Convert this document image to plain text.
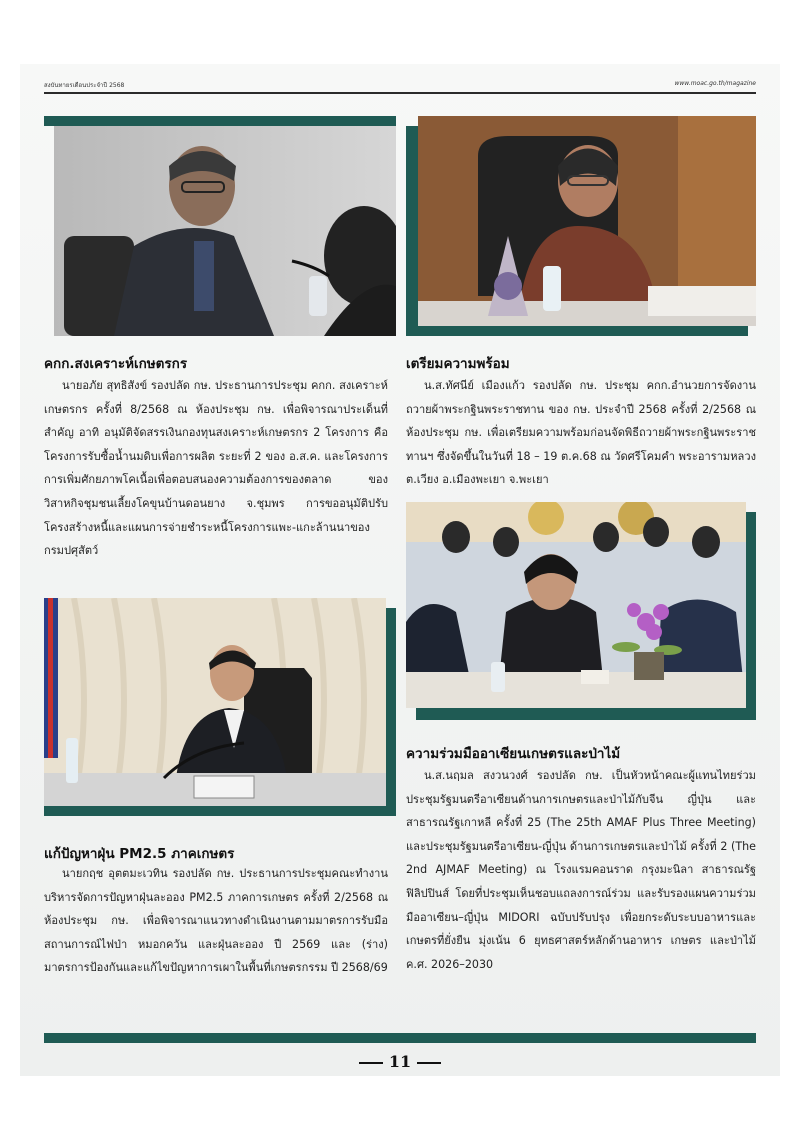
สงบันทายรเดือนประจำปี 2568	www.moac.go.th/magazine
คกก.สงเคราะห์เกษตรกร

นายอภัย สุทธิสังข์ รองปลัด กษ. ประธานการประชุม คกก. สงเคราะห์เกษตรกร ครั้งที่ 8/2568 ณ ห้องประชุม กษ. เพื่อพิจารณาประเด็นที่สำคัญ อาทิ อนุมัติจัดสรรเงินกองทุนสงเคราะห์เกษตรกร 2 โครงการ คือ โครงการรับซื้อน้ำนมดิบเพื่อการผลิต ระยะที่ 2 ของ อ.ส.ค. และโครงการการเพิ่มศักยภาพโคเนื้อเพื่อตอบสนองความต้องการของตลาด ของวิสาหกิจชุมชนเลี้ยงโคขุนบ้านดอนยาง จ.ชุมพร การขออนุมัติปรับโครงสร้างหนี้และแผนการจ่ายชำระหนี้โครงการแพะ-แกะล้านนาของกรมปศุสัตว์

เตรียมความพร้อม

น.ส.ทัศนีย์ เมืองแก้ว รองปลัด กษ. ประชุม คกก.อำนวยการจัดงานถวายผ้าพระกฐินพระราชทาน ของ กษ. ประจำปี 2568 ครั้งที่ 2/2568 ณ ห้องประชุม กษ. เพื่อเตรียมความพร้อมก่อนจัดพิธีถวายผ้าพระกฐินพระราชทานฯ ซึ่งจัดขึ้นในวันที่ 18 – 19 ต.ค.68 ณ วัดศรีโคมคำ พระอารามหลวง ต.เวียง อ.เมืองพะเยา จ.พะเยา

แก้ปัญหาฝุ่น PM2.5 ภาคเกษตร

นายกฤช อุตตมะเวทิน รองปลัด กษ. ประธานการประชุมคณะทำงานบริหารจัดการปัญหาฝุ่นละออง PM2.5 ภาคการเกษตร ครั้งที่ 2/2568 ณ ห้องประชุม กษ. เพื่อพิจารณาแนวทางดำเนินงานตามมาตรการรับมือสถานการณ์ไฟป่า หมอกควัน และฝุ่นละออง ปี 2569 และ (ร่าง) มาตรการป้องกันและแก้ไขปัญหาการเผาในพื้นที่เกษตรกรรม ปี 2568/69

ความร่วมมืออาเซียนเกษตรและป่าไม้

น.ส.นฤมล สงวนวงศ์ รองปลัด กษ. เป็นหัวหน้าคณะผู้แทนไทยร่วมประชุมรัฐมนตรีอาเซียนด้านการเกษตรและป่าไม้กับจีน ญี่ปุ่น และสาธารณรัฐเกาหลี ครั้งที่ 25 (The 25th AMAF Plus Three Meeting) และประชุมรัฐมนตรีอาเซียน-ญี่ปุ่น ด้านการเกษตรและป่าไม้ ครั้งที่ 2 (The 2nd AJMAF Meeting) ณ โรงแรมคอนราด กรุงมะนิลา สาธารณรัฐฟิลิปปินส์ โดยที่ประชุมเห็นชอบแถลงการณ์ร่วม และรับรองแผนความร่วมมืออาเซียน–ญี่ปุ่น MIDORI ฉบับปรับปรุง เพื่อยกระดับระบบอาหารและเกษตรที่ยั่งยืน มุ่งเน้น 6 ยุทธศาสตร์หลักด้านอาหาร เกษตร และป่าไม้ ค.ศ. 2026–2030

11
